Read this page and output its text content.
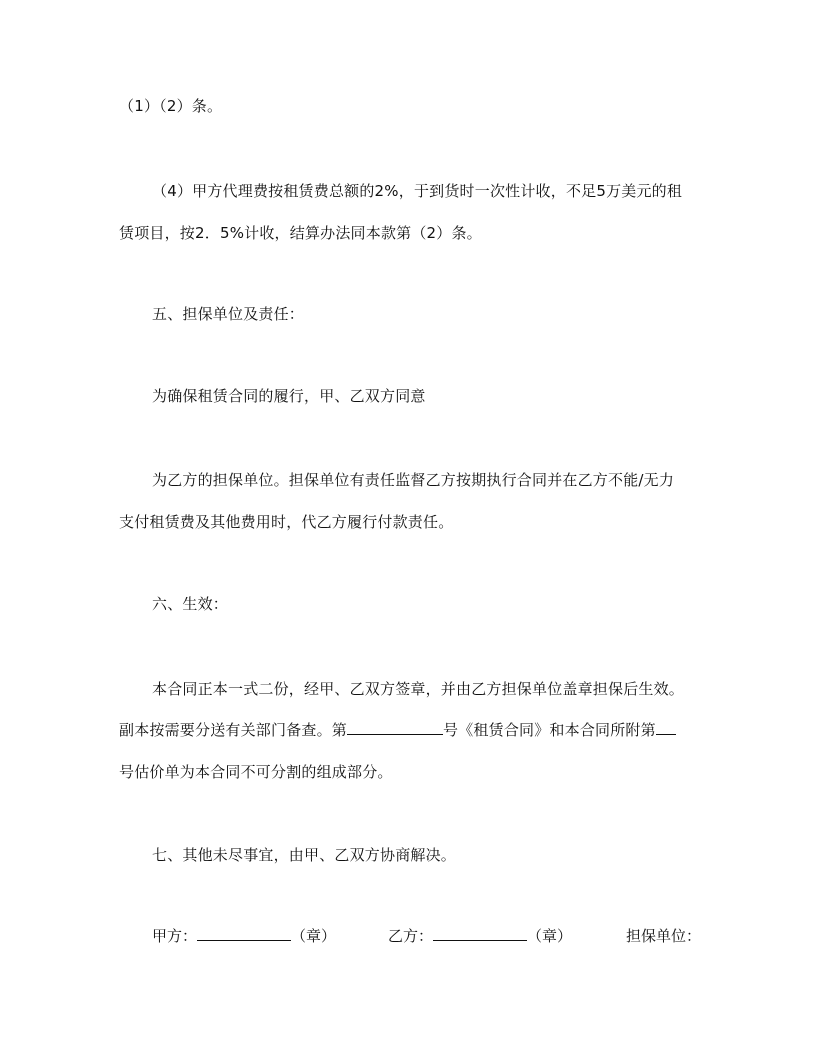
（1）（2）条。
（4）甲方代理费按租赁费总额的2%，于到货时一次性计收，不足5万美元的租
赁项目，按2．5%计收，结算办法同本款第（2）条。
五、担保单位及责任：
为确保租赁合同的履行，甲、乙双方同意
为乙方的担保单位。担保单位有责任监督乙方按期执行合同并在乙方不能/无力
支付租赁费及其他费用时，代乙方履行付款责任。
六、生效：
本合同正本一式二份，经甲、乙双方签章，并由乙方担保单位盖章担保后生效。
副本按需要分送有关部门备查。第	号《租赁合同》和本合同所附第
号估价单为本合同不可分割的组成部分。
七、其他未尽事宜，由甲、乙双方协商解决。
甲方：	（章）	乙方：	（章）	担保单位：
